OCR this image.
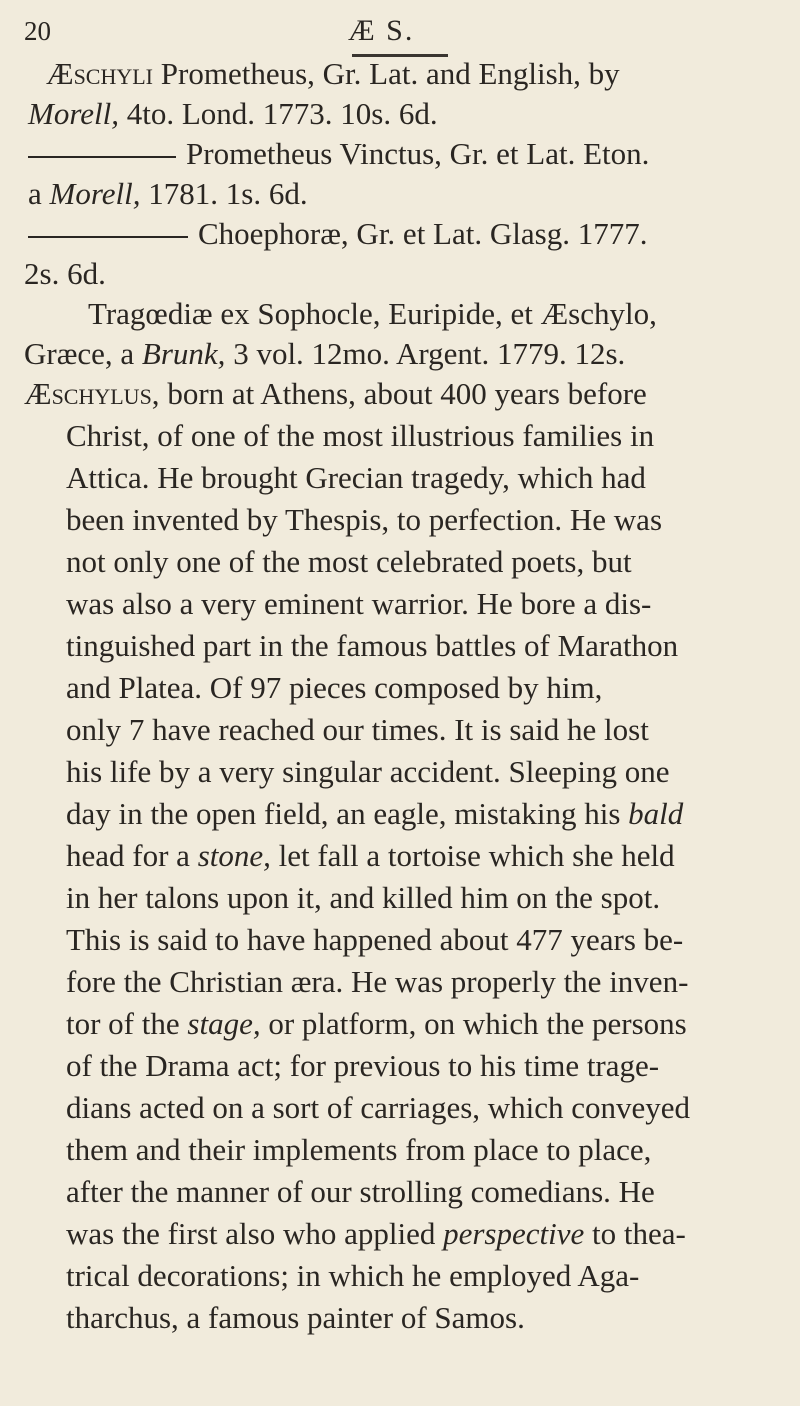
20	Æ S.
Æschyli Prometheus, Gr. Lat. and English, by
Morell, 4to. Lond. 1773. 10s. 6d.
Prometheus Vinctus, Gr. et Lat. Eton.
a Morell, 1781. 1s. 6d.
Choephoræ, Gr. et Lat. Glasg. 1777.
2s. 6d.
Tragœdiæ ex Sophocle, Euripide, et Æschylo,
Græce, a Brunk, 3 vol. 12mo. Argent. 1779. 12s.
Æschylus, born at Athens, about 400 years before
Christ, of one of the most illustrious families in
Attica. He brought Grecian tragedy, which had
been invented by Thespis, to perfection. He was
not only one of the most celebrated poets, but
was also a very eminent warrior. He bore a dis-
tinguished part in the famous battles of Marathon
and Platea. Of 97 pieces composed by him,
only 7 have reached our times. It is said he lost
his life by a very singular accident. Sleeping one
day in the open field, an eagle, mistaking his bald
head for a stone, let fall a tortoise which she held
in her talons upon it, and killed him on the spot.
This is said to have happened about 477 years be-
fore the Christian æra. He was properly the inven-
tor of the stage, or platform, on which the persons
of the Drama act; for previous to his time trage-
dians acted on a sort of carriages, which conveyed
them and their implements from place to place,
after the manner of our strolling comedians. He
was the first also who applied perspective to thea-
trical decorations; in which he employed Aga-
tharchus, a famous painter of Samos.
